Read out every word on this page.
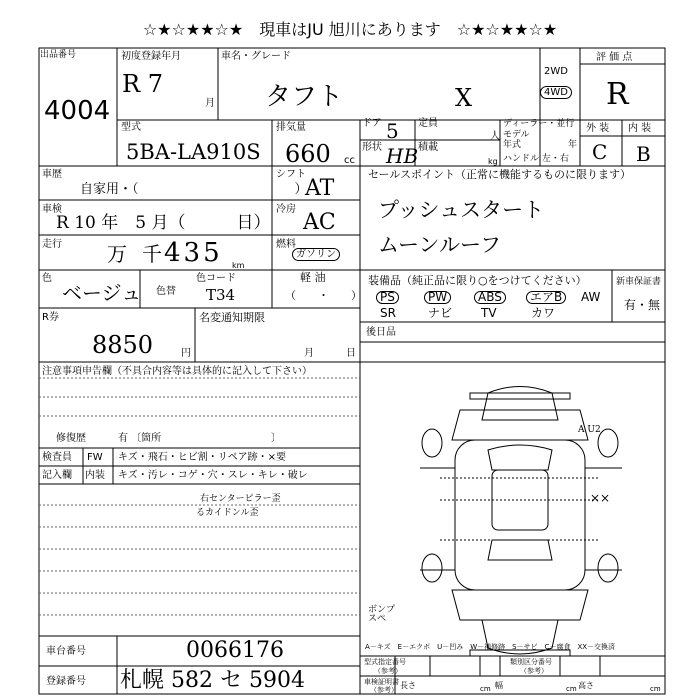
☆★☆★★☆★　現車はJU 旭川にあります　☆★☆★★☆★
出品番号
4004
初度登録年月
R 7
月
型式
5BA-LA910S
車名・グレード
タフト	X
2WD
4WD
評 価 点
R
外 装 内 装
C B
排気量
660 cc
ドア 5
形状 HB
定員
人
積載
kg
ディーラー・並行
モデル
年式	年
ハンドル 左・右
車歴
自家用・（　　　　　　　　　　　　）
シフト
AT
車検
R 10 年　5 月（　　　日）
冷房
AC
走行 万 千 435 km
燃料
ガソリン
軽 油
（　　・　　）
色
ベージュ 色替
色コード
T34
セールスポイント（正常に機能するものに限ります）
プッシュスタート
ムーンルーフ
装備品（純正品に限り○をつけてください）	新車保証書
有・無
PS	PW	ABS	エアB	AW
SR	ナビ TV	カワ
R券
8850	円
名変通知期限
月	日
後日品
注意事項申告欄（不具合内容等は具体的に記入して下さい）
修復歴	有 〔箇所　　　　　　　　　　　〕
検査員
記入欄
FW キズ・飛石・ヒビ割・リペア跡・×要
内装 キズ・汚レ・コゲ・穴・スレ・キレ・破レ
右センターピラー歪
るカイドンル歪
A U2
××
ボンプ
スペ
車台番号	0066176
登録番号 札幌 582 セ 5904
A－キズ　E－エクボ　U－凹み　W－補修跡　S－サビ　C－腐食　XX－交換済
型式指定番号
（参考）
類別区分番号
（参考）
車検証明書
（参考） 長さ	cm 幅	cm 高さ	cm
